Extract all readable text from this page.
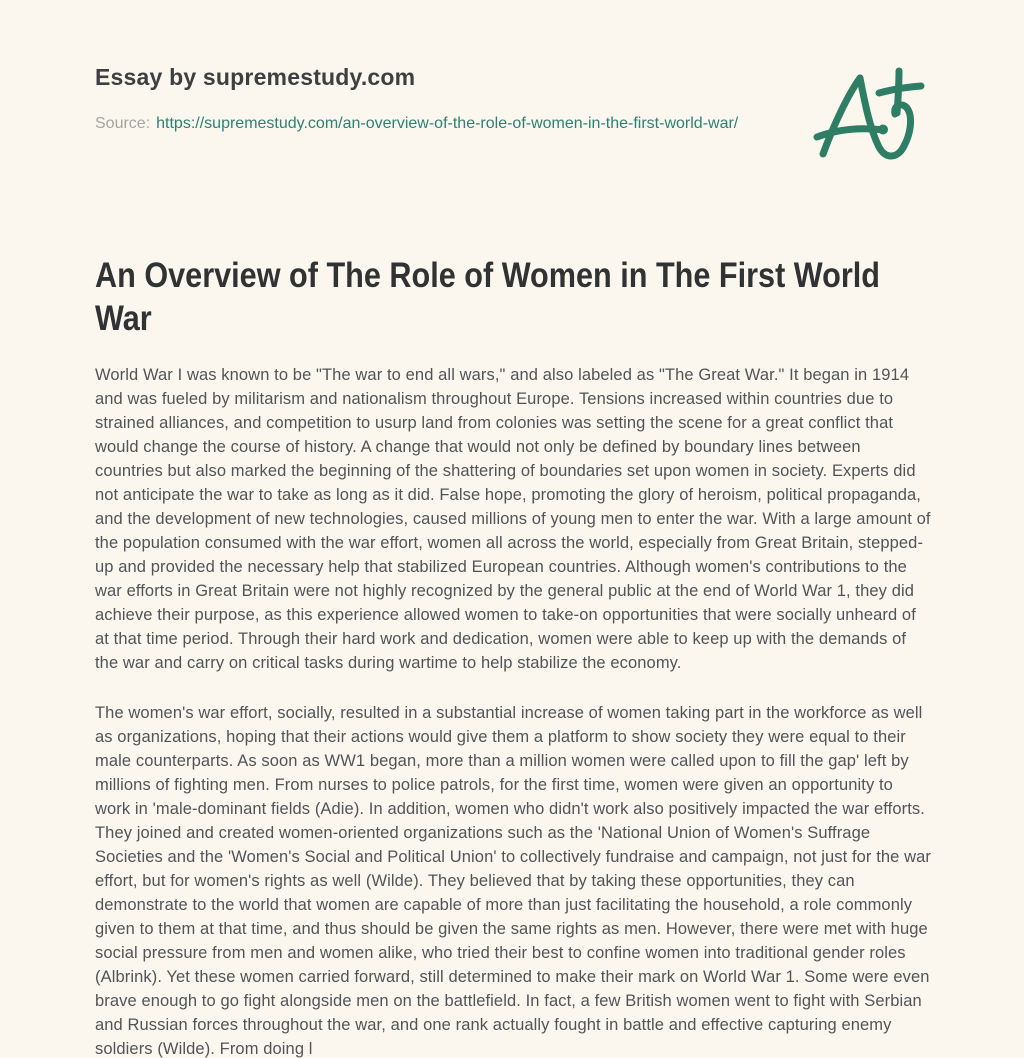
Essay by supremestudy.com
Source: https://supremestudy.com/an-overview-of-the-role-of-women-in-the-first-world-war/
An Overview of The Role of Women in The First World War

World War I was known to be "The war to end all wars," and also labeled as "The Great War." It began in 1914 and was fueled by militarism and nationalism throughout Europe. Tensions increased within countries due to strained alliances, and competition to usurp land from colonies was setting the scene for a great conflict that would change the course of history. A change that would not only be defined by boundary lines between countries but also marked the beginning of the shattering of boundaries set upon women in society. Experts did not anticipate the war to take as long as it did. False hope, promoting the glory of heroism, political propaganda, and the development of new technologies, caused millions of young men to enter the war. With a large amount of the population consumed with the war effort, women all across the world, especially from Great Britain, stepped-up and provided the necessary help that stabilized European countries. Although women's contributions to the war efforts in Great Britain were not highly recognized by the general public at the end of World War 1, they did achieve their purpose, as this experience allowed women to take-on opportunities that were socially unheard of at that time period. Through their hard work and dedication, women were able to keep up with the demands of the war and carry on critical tasks during wartime to help stabilize the economy.

The women's war effort, socially, resulted in a substantial increase of women taking part in the workforce as well as organizations, hoping that their actions would give them a platform to show society they were equal to their male counterparts. As soon as WW1 began, more than a million women were called upon to fill the gap' left by millions of fighting men. From nurses to police patrols, for the first time, women were given an opportunity to work in 'male-dominant fields (Adie). In addition, women who didn't work also positively impacted the war efforts. They joined and created women-oriented organizations such as the 'National Union of Women's Suffrage Societies and the 'Women's Social and Political Union' to collectively fundraise and campaign, not just for the war effort, but for women's rights as well (Wilde). They believed that by taking these opportunities, they can demonstrate to the world that women are capable of more than just facilitating the household, a role commonly given to them at that time, and thus should be given the same rights as men. However, there were met with huge social pressure from men and women alike, who tried their best to confine women into traditional gender roles (Albrink). Yet these women carried forward, still determined to make their mark on World War 1. Some were even brave enough to go fight alongside men on the battlefield. In fact, a few British women went to fight with Serbian and Russian forces throughout the war, and one rank actually fought in battle and effective capturing enemy soldiers (Wilde). From doing l
